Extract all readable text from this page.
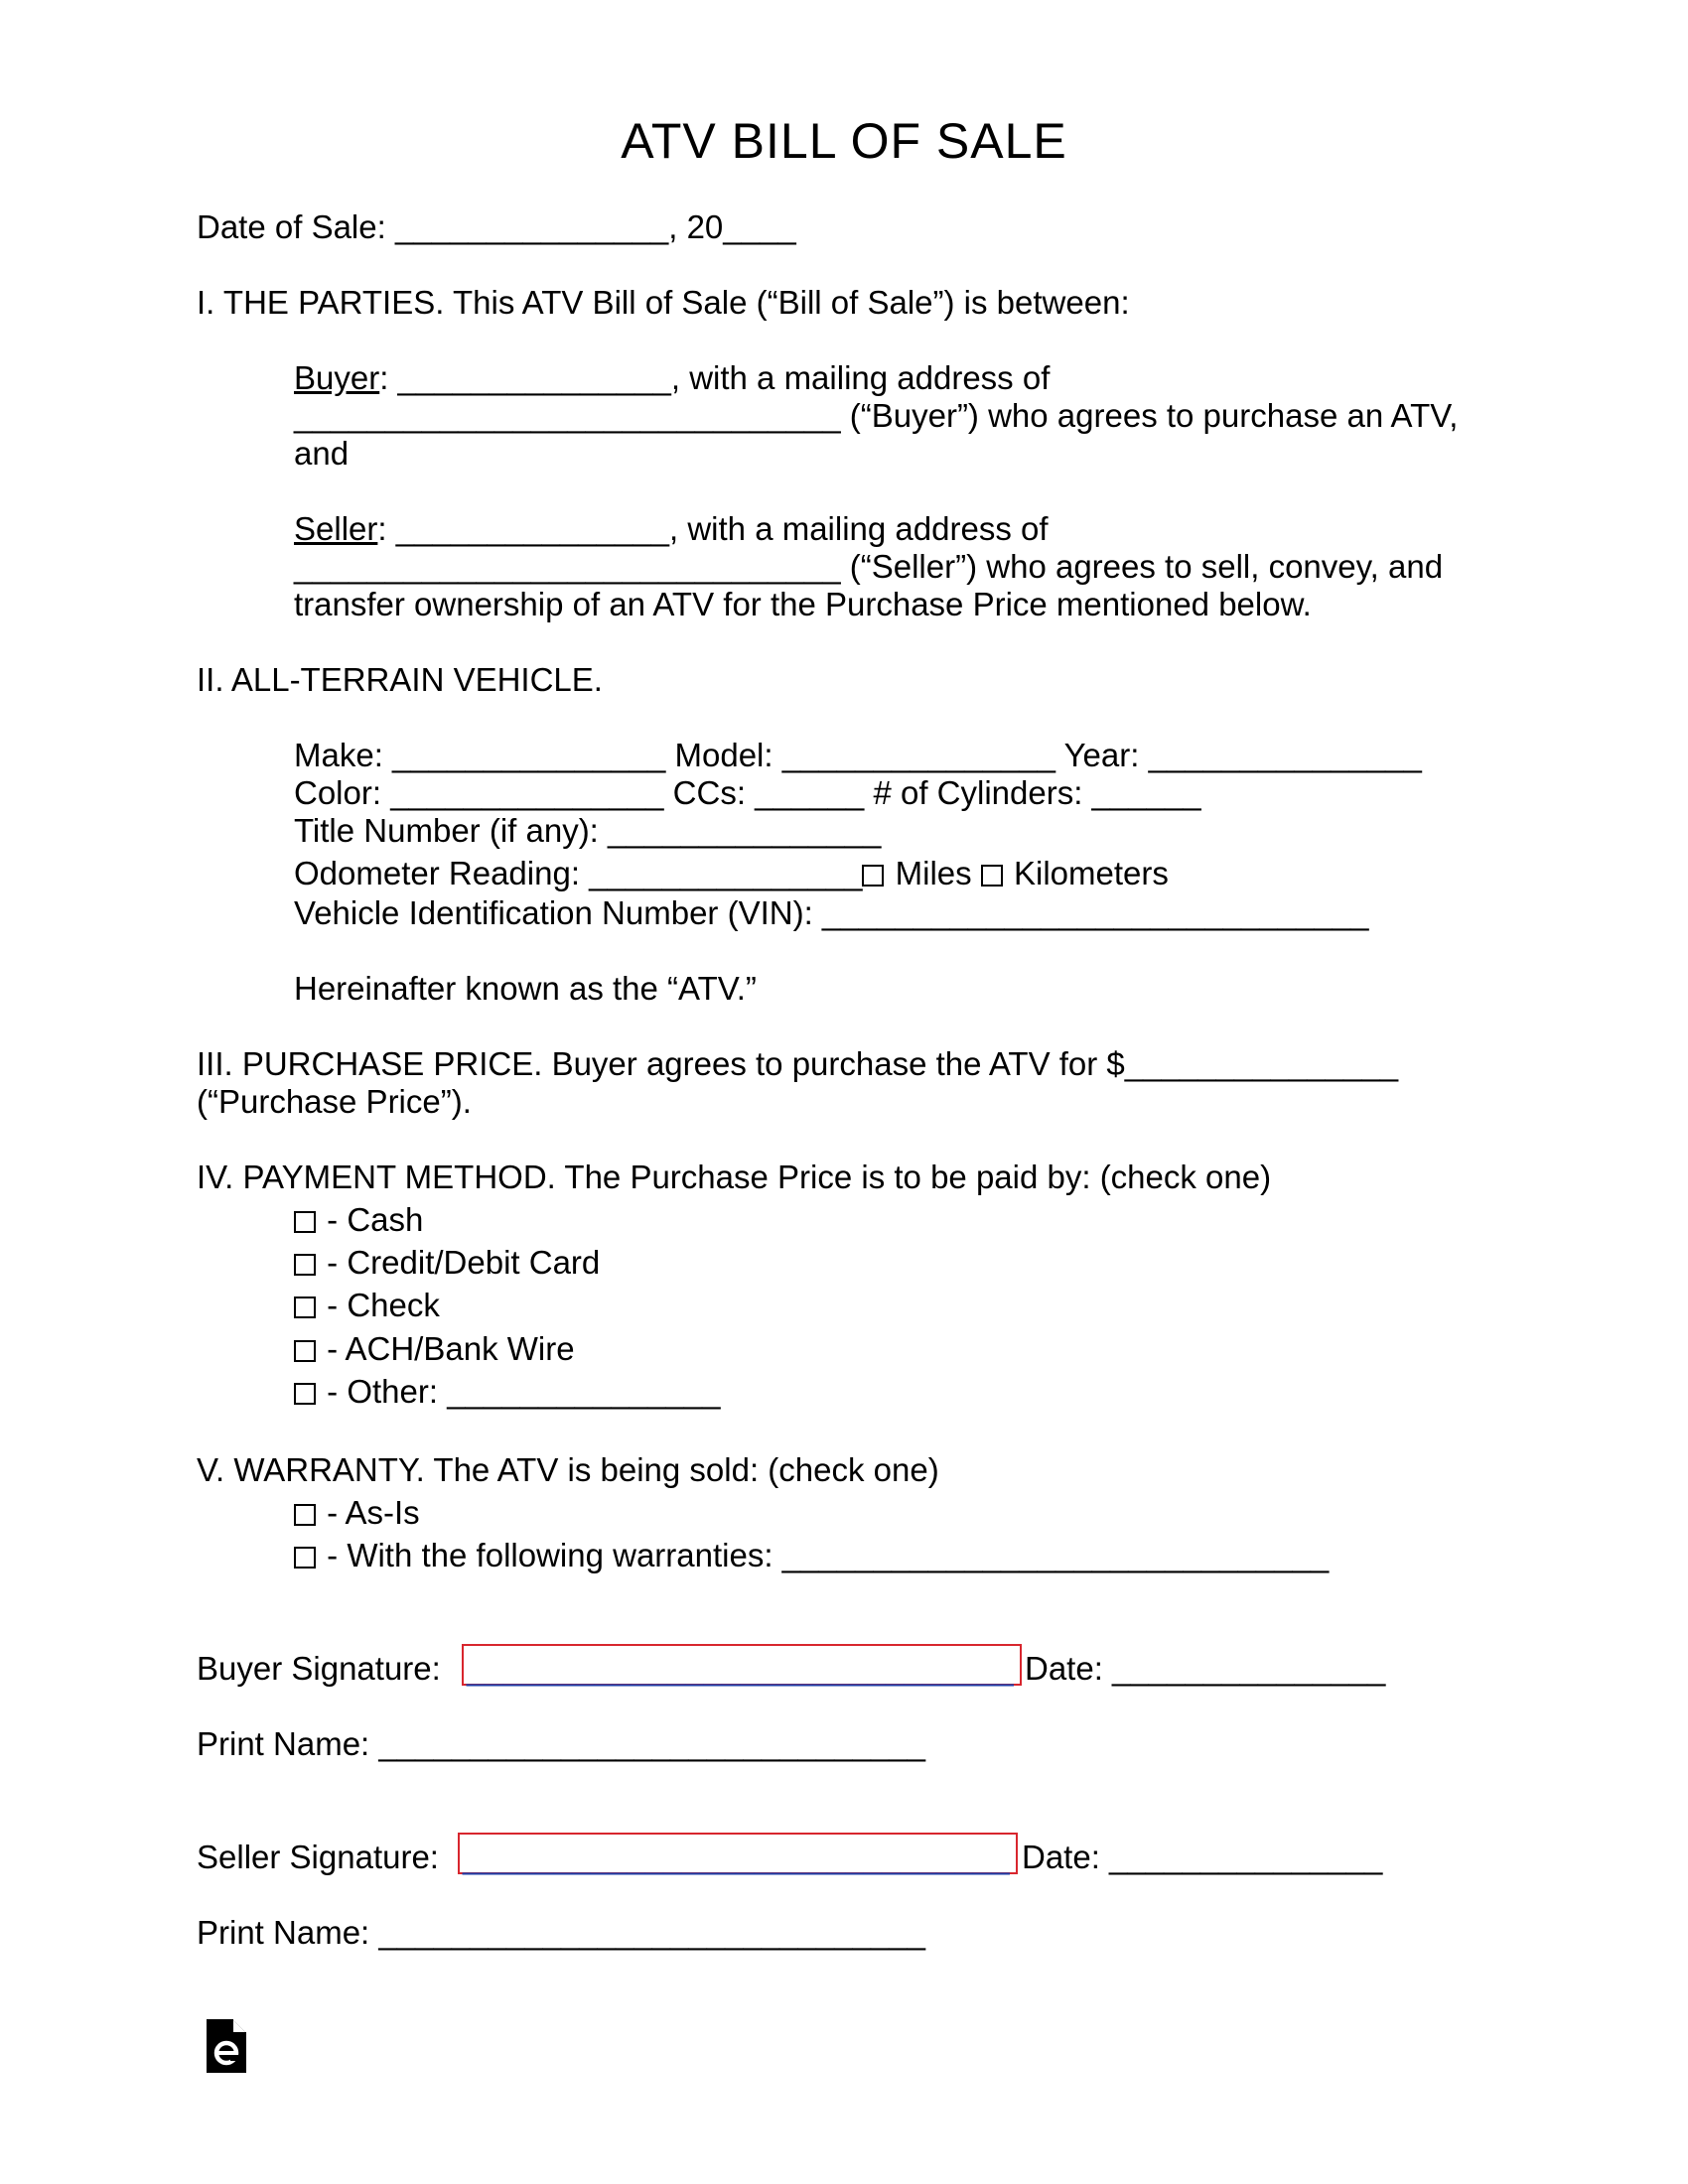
ATV BILL OF SALE

Date of Sale: _______________, 20____

I. THE PARTIES. This ATV Bill of Sale (“Bill of Sale”) is between:

Buyer: _______________, with a mailing address of

______________________________ (“Buyer”) who agrees to purchase an ATV,

and

Seller: _______________, with a mailing address of

______________________________ (“Seller”) who agrees to sell, convey, and

transfer ownership of an ATV for the Purchase Price mentioned below.

II. ALL-TERRAIN VEHICLE.

Make: _______________ Model: _______________ Year: _______________

Color: _______________ CCs: ______ # of Cylinders: ______

Title Number (if any): _______________

Odometer Reading: _______________ Miles  Kilometers

Vehicle Identification Number (VIN): ______________________________

Hereinafter known as the “ATV.”

III. PURCHASE PRICE. Buyer agrees to purchase the ATV for $_______________

(“Purchase Price”).

IV. PAYMENT METHOD. The Purchase Price is to be paid by: (check one)

- Cash

- Credit/Debit Card

- Check

- ACH/Bank Wire

- Other: _______________

V. WARRANTY. The ATV is being sold: (check one)

- As-Is

- With the following warranties: ______________________________

Buyer Signature: ______________________________ Date: _______________

Print Name: ______________________________

Seller Signature: ______________________________ Date: _______________

Print Name: ______________________________
